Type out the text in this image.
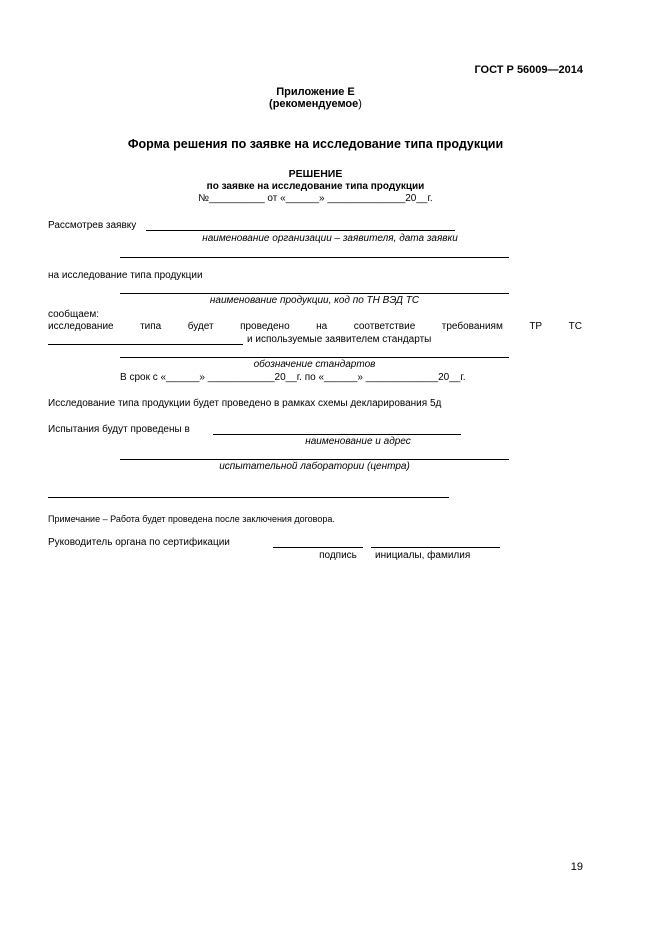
ГОСТ Р 56009—2014
Приложение Е
(рекомендуемое)
Форма решения по заявке на исследование типа продукции
РЕШЕНИЕ
по заявке на исследование типа продукции
№__________ от «______» ______________20__г.
Рассмотрев заявку
наименование организации – заявителя, дата заявки
на исследование типа продукции
наименование продукции, код по ТН ВЭД ТС
сообщаем:
исследование	типа	будет	проведено	на	соответствие	требованиям	ТР	ТС
и используемые заявителем стандарты
обозначение стандартов
В срок с «______» ____________20__г. по «______» _____________20__г.
Исследование типа продукции будет проведено в рамках схемы декларирования 5д
Испытания будут проведены в
наименование и адрес
испытательной лаборатории (центра)
Примечание – Работа будет проведена после заключения договора.
Руководитель органа по сертификации
подпись	инициалы, фамилия
19
